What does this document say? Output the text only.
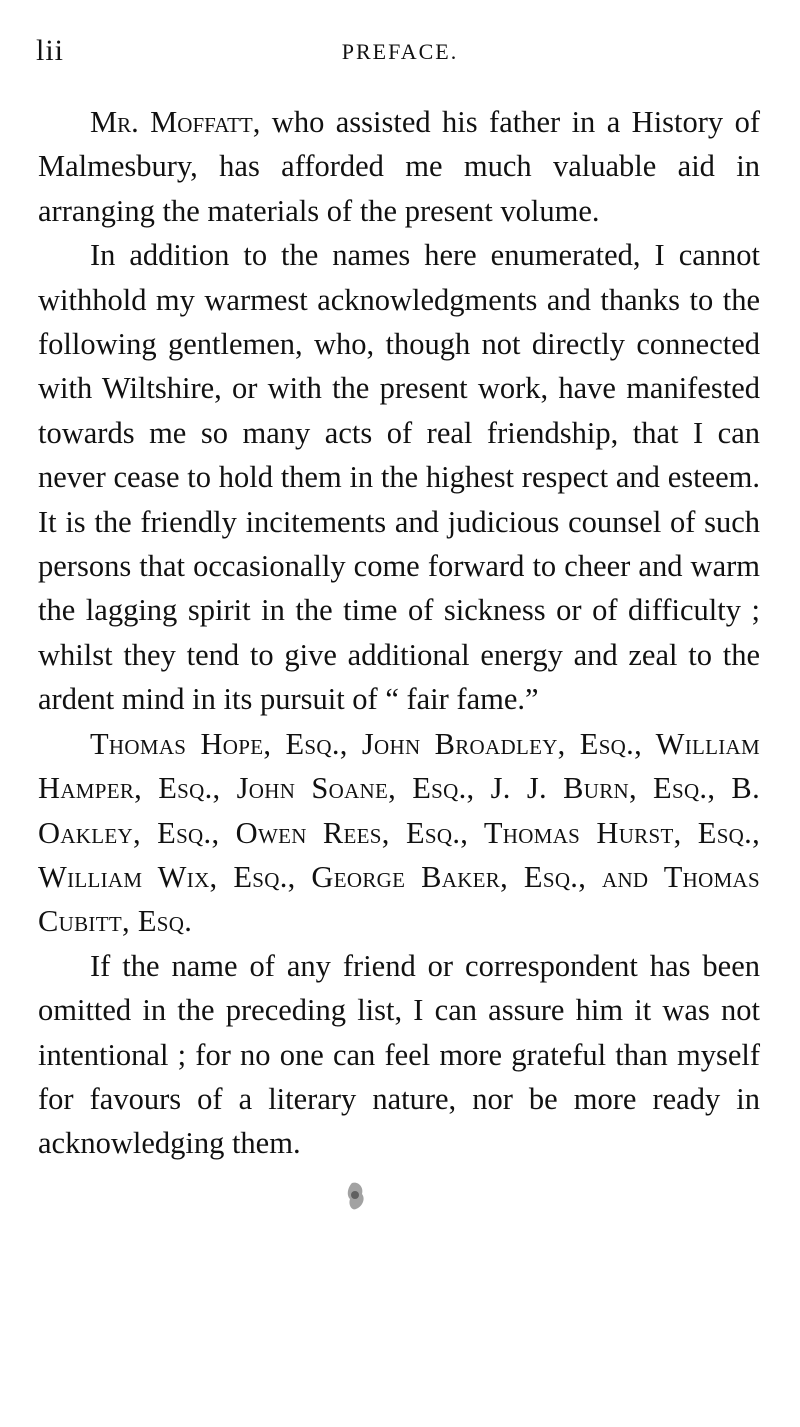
lii	PREFACE.

Mr. Moffatt, who assisted his father in a History of Malmesbury, has afforded me much valuable aid in arranging the materials of the present volume.

In addition to the names here enumerated, I cannot withhold my warmest acknowledgments and thanks to the following gentlemen, who, though not directly connected with Wiltshire, or with the present work, have manifested towards me so many acts of real friendship, that I can never cease to hold them in the highest respect and esteem. It is the friendly incitements and judicious counsel of such persons that occasionally come forward to cheer and warm the lagging spirit in the time of sickness or of difficulty ; whilst they tend to give additional energy and zeal to the ardent mind in its pursuit of “ fair fame.”

Thomas Hope, Esq., John Broadley, Esq., William Hamper, Esq., John Soane, Esq., J. J. Burn, Esq., B. Oakley, Esq., Owen Rees, Esq., Thomas Hurst, Esq., William Wix, Esq., George Baker, Esq., and Thomas Cubitt, Esq.

If the name of any friend or correspondent has been omitted in the preceding list, I can assure him it was not intentional ; for no one can feel more grateful than myself for favours of a literary nature, nor be more ready in acknowledging them.
